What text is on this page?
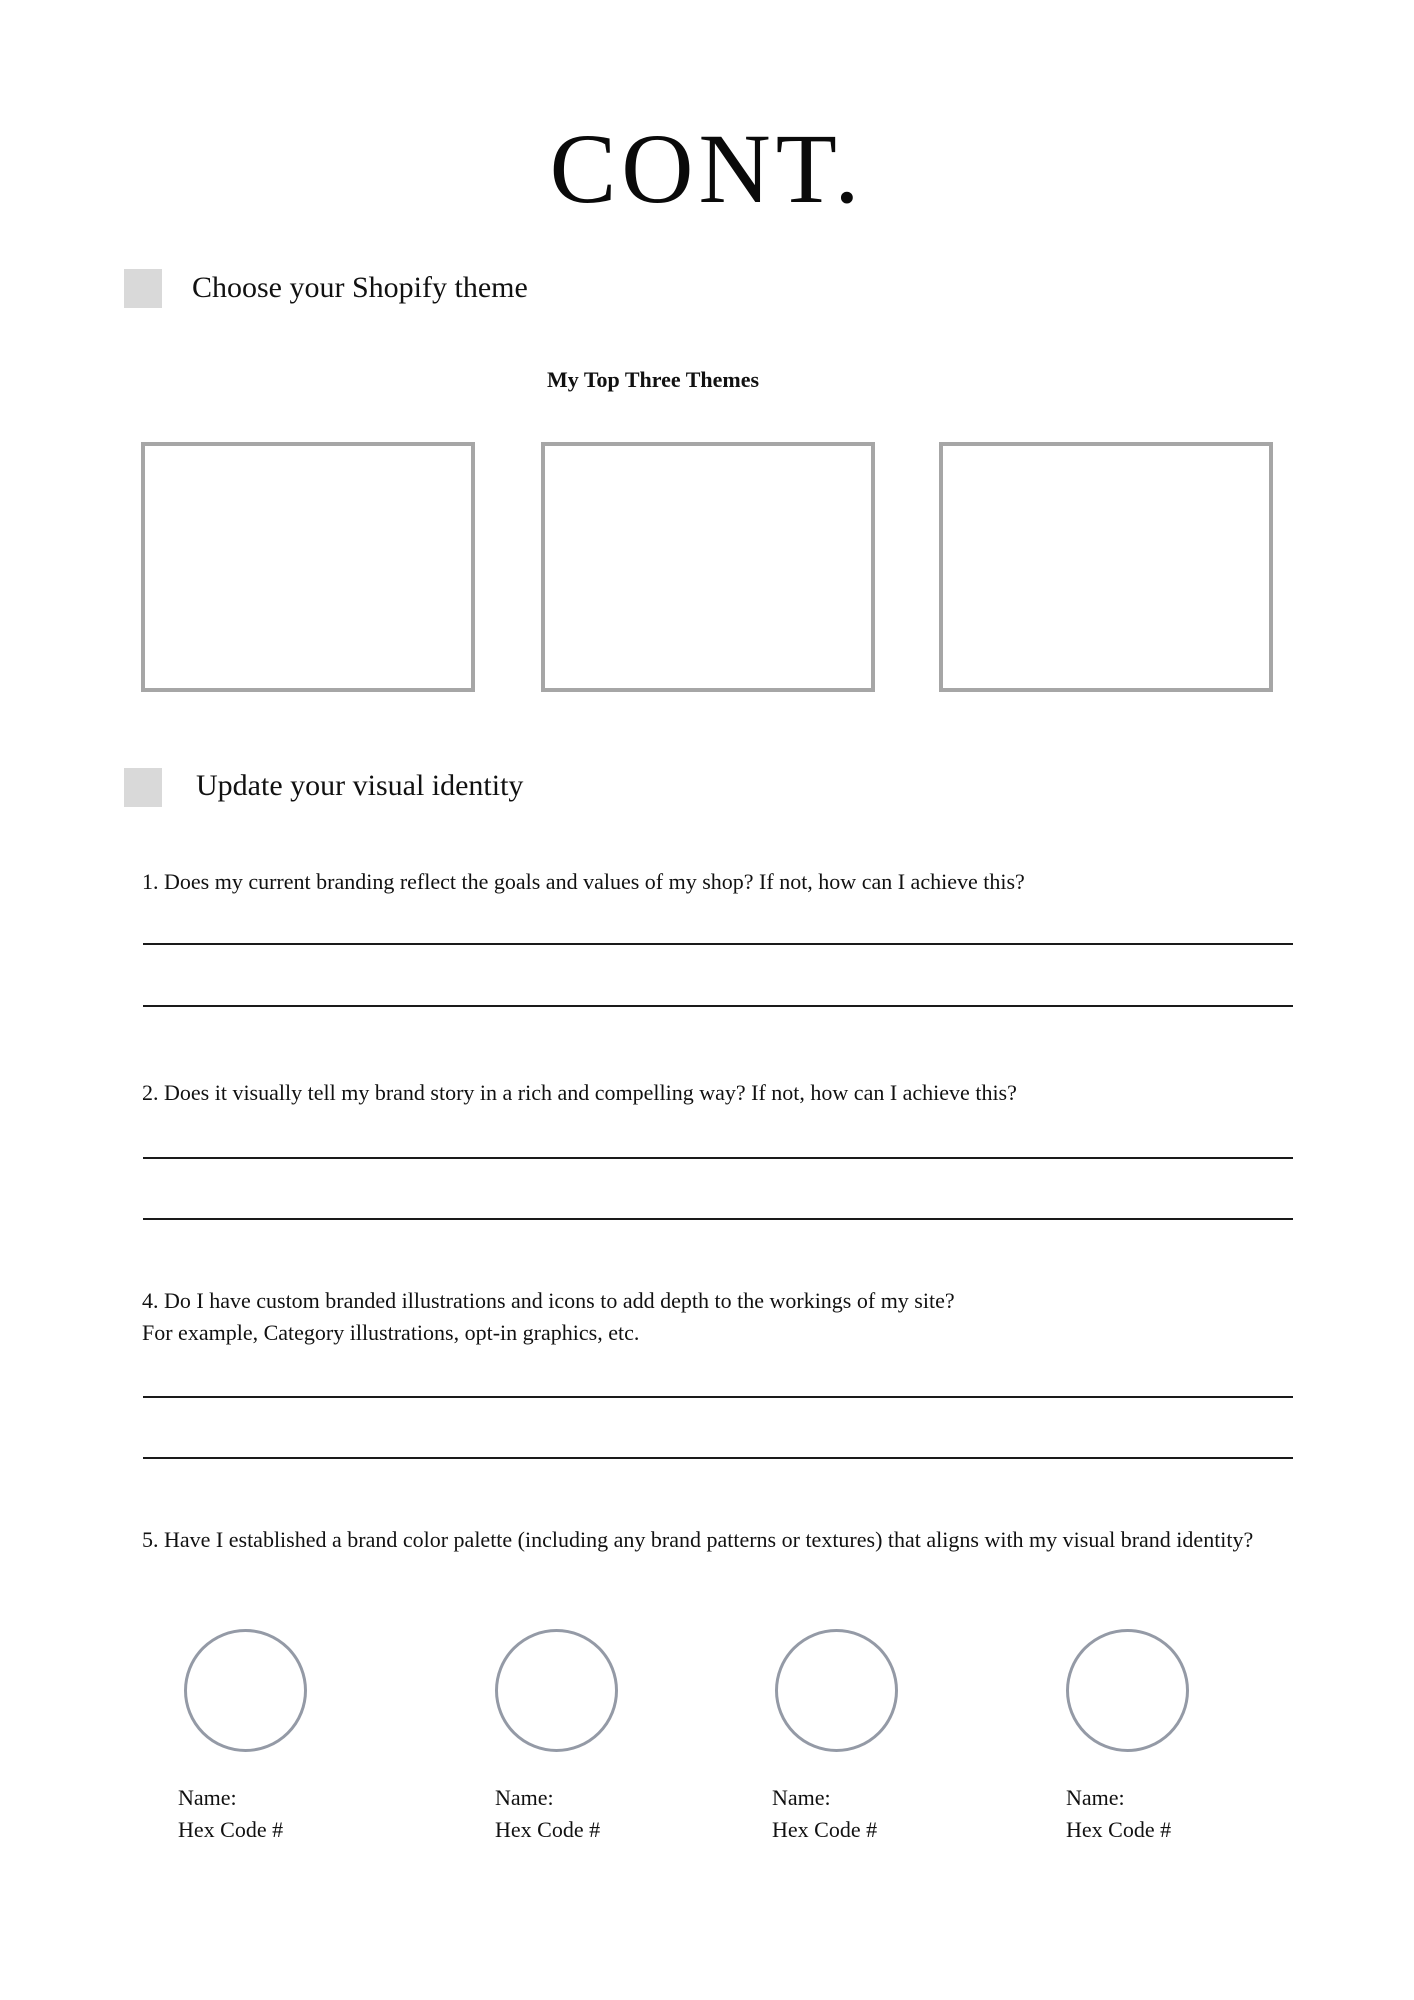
CONT.
Choose your Shopify theme
My Top Three Themes
Update your visual identity
1. Does my current branding reflect the goals and values of my shop? If not, how can I achieve this?
2. Does it visually tell my brand story in a rich and compelling way? If not, how can I achieve this?
4. Do I have custom branded illustrations and icons to add depth to the workings of my site?
For example, Category illustrations, opt-in graphics, etc.
5. Have I established a brand color palette (including any brand patterns or textures) that aligns with my visual brand identity?
Name:
Hex Code #
Name:
Hex Code #
Name:
Hex Code #
Name:
Hex Code #
